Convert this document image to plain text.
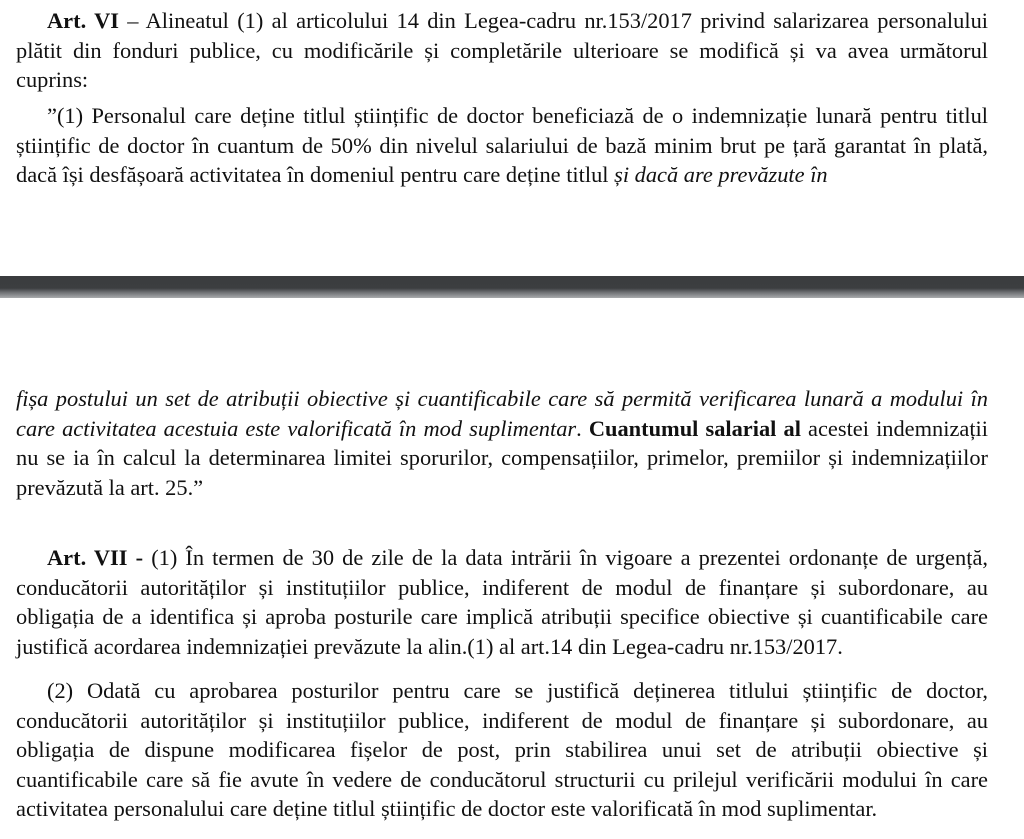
Art. VI – Alineatul (1) al articolului 14 din Legea-cadru nr.153/2017 privind salarizarea personalului plătit din fonduri publice, cu modificările și completările ulterioare se modifică și va avea următorul cuprins:

”(1) Personalul care deține titlul științific de doctor beneficiază de o indemnizație lunară pentru titlul științific de doctor în cuantum de 50% din nivelul salariului de bază minim brut pe țară garantat în plată, dacă își desfășoară activitatea în domeniul pentru care deține titlul și dacă are prevăzute în

fișa postului un set de atribuții obiective și cuantificabile care să permită verificarea lunară a modului în care activitatea acestuia este valorificată în mod suplimentar. Cuantumul salarial al acestei indemnizații nu se ia în calcul la determinarea limitei sporurilor, compensațiilor, primelor, premiilor și indemnizațiilor prevăzută la art. 25.”

Art. VII - (1) În termen de 30 de zile de la data intrării în vigoare a prezentei ordonanțe de urgență, conducătorii autorităților și instituțiilor publice, indiferent de modul de finanțare și subordonare, au obligația de a identifica și aproba posturile care implică atribuții specifice obiective și cuantificabile care justifică acordarea indemnizației prevăzute la alin.(1) al art.14 din Legea-cadru nr.153/2017.

(2) Odată cu aprobarea posturilor pentru care se justifică deținerea titlului științific de doctor, conducătorii autorităților și instituțiilor publice, indiferent de modul de finanțare și subordonare, au obligația de dispune modificarea fișelor de post, prin stabilirea unui set de atribuții obiective și cuantificabile care să fie avute în vedere de conducătorul structurii cu prilejul verificării modului în care activitatea personalului care deține titlul științific de doctor este valorificată în mod suplimentar.
